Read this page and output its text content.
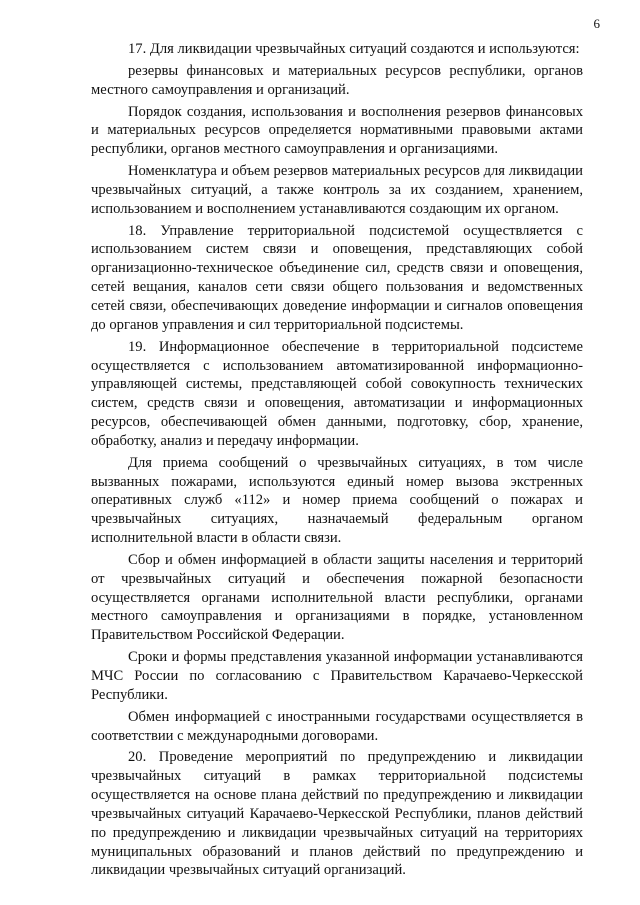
6

17. Для ликвидации чрезвычайных ситуаций создаются и используются:

резервы финансовых и материальных ресурсов республики, органов местного самоуправления и организаций.

Порядок создания, использования и восполнения резервов финансовых и материальных ресурсов определяется нормативными правовыми актами республики, органов местного самоуправления и организациями.

Номенклатура и объем резервов материальных ресурсов для ликвидации чрезвычайных ситуаций, а также контроль за их созданием, хранением, использованием и восполнением устанавливаются создающим их органом.

18. Управление территориальной подсистемой осуществляется с использованием систем связи и оповещения, представляющих собой организационно-техническое объединение сил, средств связи и оповещения, сетей вещания, каналов сети связи общего пользования и ведомственных сетей связи, обеспечивающих доведение информации и сигналов оповещения до органов управления и сил территориальной подсистемы.

19. Информационное обеспечение в территориальной подсистеме осуществляется с использованием автоматизированной информационно-управляющей системы, представляющей собой совокупность технических систем, средств связи и оповещения, автоматизации и информационных ресурсов, обеспечивающей обмен данными, подготовку, сбор, хранение, обработку, анализ и передачу информации.

Для приема сообщений о чрезвычайных ситуациях, в том числе вызванных пожарами, используются единый номер вызова экстренных оперативных служб «112» и номер приема сообщений о пожарах и чрезвычайных ситуациях, назначаемый федеральным органом исполнительной власти в области связи.

Сбор и обмен информацией в области защиты населения и территорий от чрезвычайных ситуаций и обеспечения пожарной безопасности осуществляется органами исполнительной власти республики, органами местного самоуправления и организациями в порядке, установленном Правительством Российской Федерации.

Сроки и формы представления указанной информации устанавливаются МЧС России по согласованию с Правительством Карачаево-Черкесской Республики.

Обмен информацией с иностранными государствами осуществляется в соответствии с международными договорами.

20. Проведение мероприятий по предупреждению и ликвидации чрезвычайных ситуаций в рамках территориальной подсистемы осуществляется на основе плана действий по предупреждению и ликвидации чрезвычайных ситуаций Карачаево-Черкесской Республики, планов действий по предупреждению и ликвидации чрезвычайных ситуаций на территориях муниципальных образований и планов действий по предупреждению и ликвидации чрезвычайных ситуаций организаций.
